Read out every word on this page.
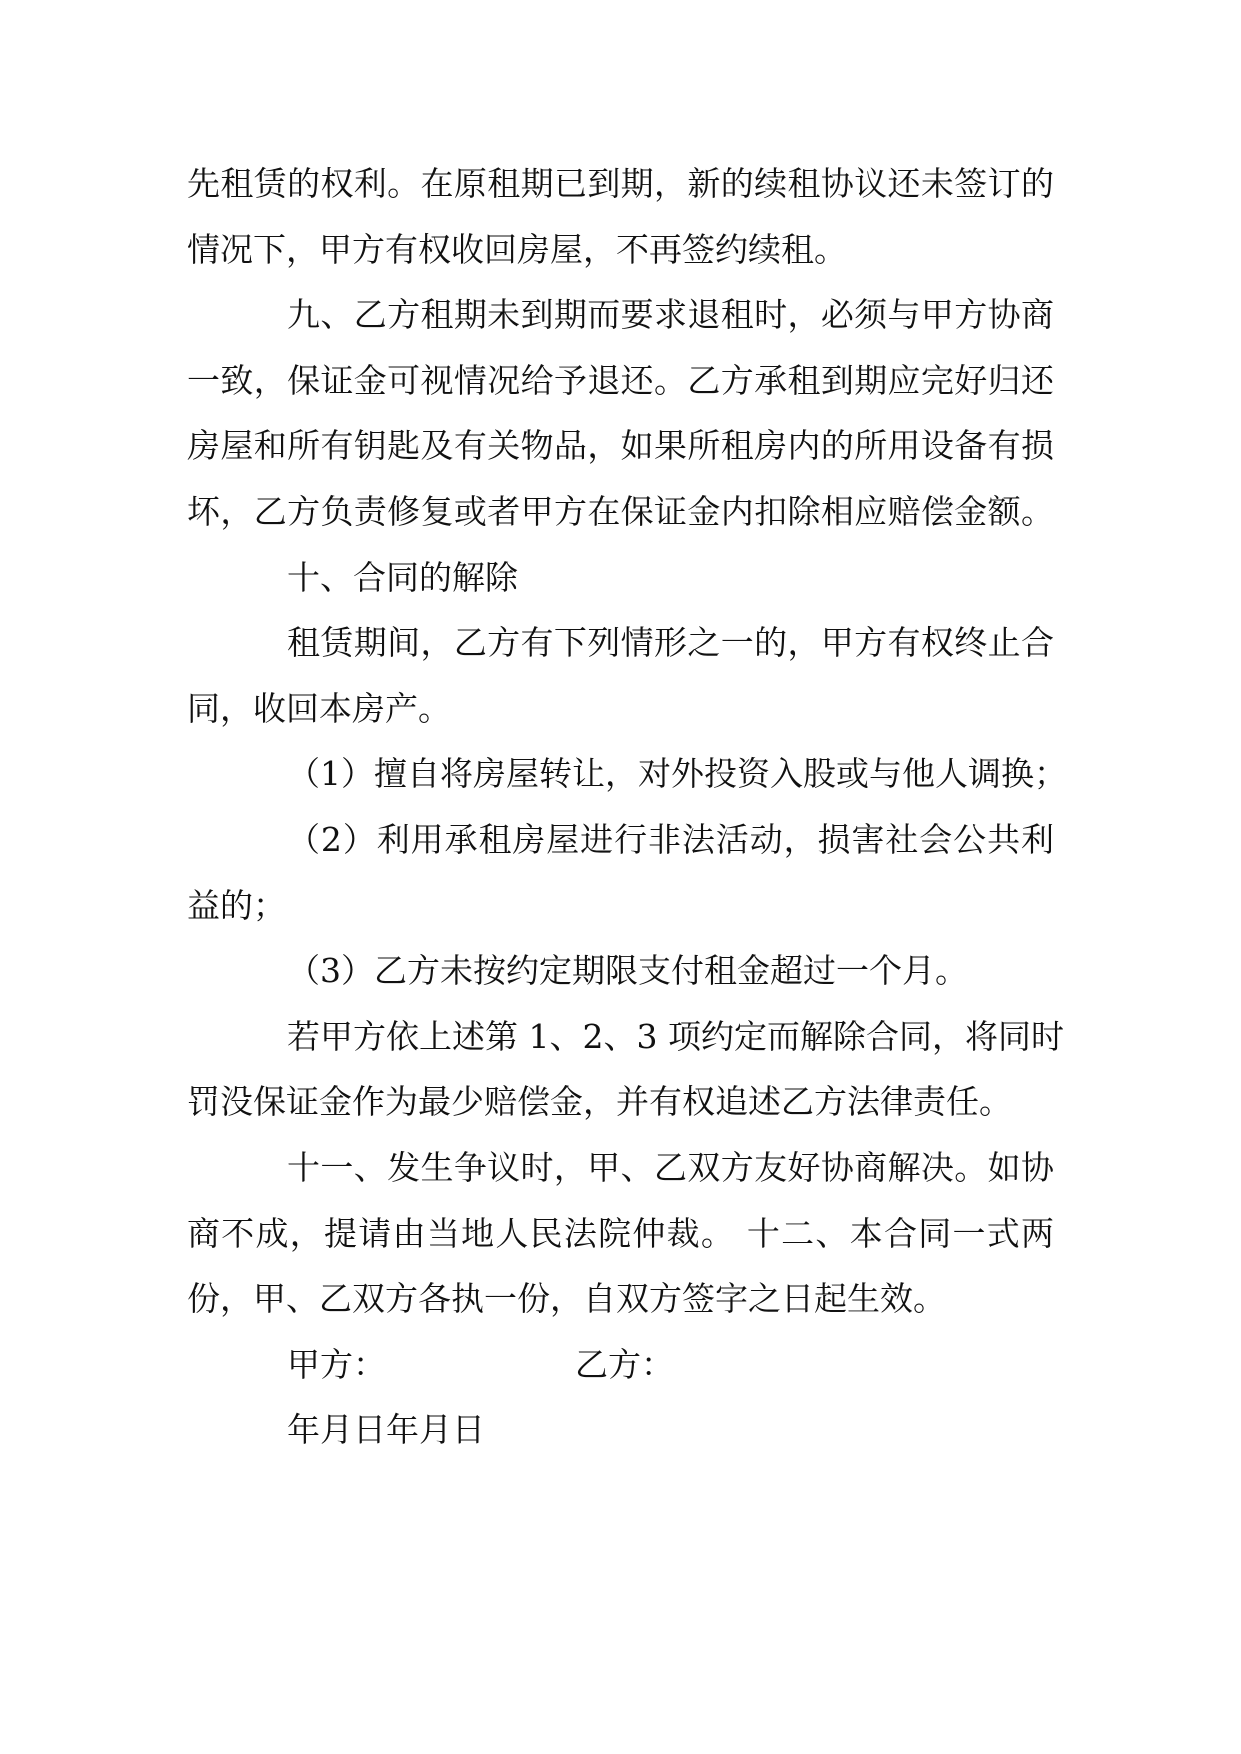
先租赁的权利。在原租期已到期，新的续租协议还未签订的
情况下，甲方有权收回房屋，不再签约续租。
九、乙方租期未到期而要求退租时，必须与甲方协商
一致，保证金可视情况给予退还。乙方承租到期应完好归还
房屋和所有钥匙及有关物品，如果所租房内的所用设备有损
坏，乙方负责修复或者甲方在保证金内扣除相应赔偿金额。
十、合同的解除
租赁期间，乙方有下列情形之一的，甲方有权终止合
同，收回本房产。
（1）擅自将房屋转让，对外投资入股或与他人调换；
（2）利用承租房屋进行非法活动，损害社会公共利
益的；
（3）乙方未按约定期限支付租金超过一个月。
若甲方依上述第 1、2、3 项约定而解除合同，将同时
罚没保证金作为最少赔偿金，并有权追述乙方法律责任。
十一、发生争议时，甲、乙双方友好协商解决。如协
商不成，提请由当地人民法院仲裁。 十二、本合同一式两
份，甲、乙双方各执一份，自双方签字之日起生效。
甲方：	乙方：
年月日年月日
